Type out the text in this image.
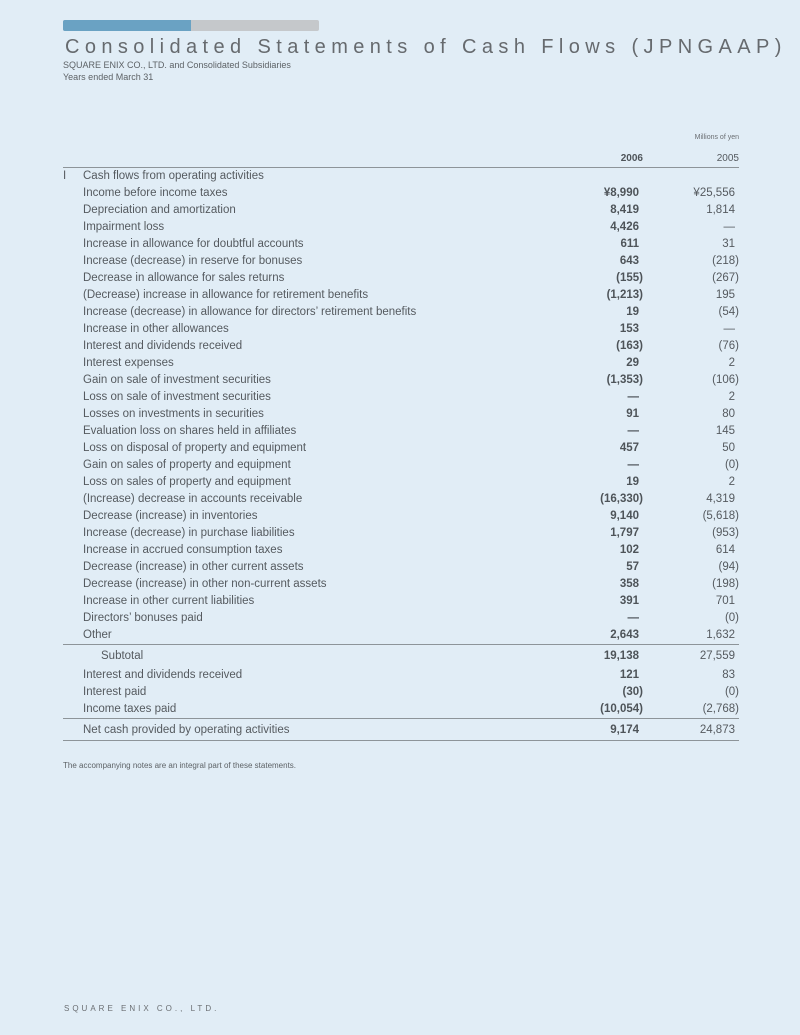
Consolidated Statements of Cash Flows (JPNGAAP)
SQUARE ENIX CO., LTD. and Consolidated Subsidiaries
Years ended March 31
Millions of yen
2006	2005
I Cash flows from operating activities
Income before income taxes	¥8,990	¥25,556
Depreciation and amortization	8,419	1,814
Impairment loss	4,426	—
Increase in allowance for doubtful accounts	611	31
Increase (decrease) in reserve for bonuses	643	(218)
Decrease in allowance for sales returns	(155)	(267)
(Decrease) increase in allowance for retirement benefits	(1,213)	195
Increase (decrease) in allowance for directors’ retirement benefits	19	(54)
Increase in other allowances	153	—
Interest and dividends received	(163)	(76)
Interest expenses	29	2
Gain on sale of investment securities	(1,353)	(106)
Loss on sale of investment securities	—	2
Losses on investments in securities	91	80
Evaluation loss on shares held in affiliates	—	145
Loss on disposal of property and equipment	457	50
Gain on sales of property and equipment	—	(0)
Loss on sales of property and equipment	19	2
(Increase) decrease in accounts receivable	(16,330)	4,319
Decrease (increase) in inventories	9,140	(5,618)
Increase (decrease) in purchase liabilities	1,797	(953)
Increase in accrued consumption taxes	102	614
Decrease (increase) in other current assets	57	(94)
Decrease (increase) in other non-current assets	358	(198)
Increase in other current liabilities	391	701
Directors’ bonuses paid	—	(0)
Other	2,643	1,632
Subtotal	19,138	27,559
Interest and dividends received	121	83
Interest paid	(30)	(0)
Income taxes paid	(10,054)	(2,768)
Net cash provided by operating activities	9,174	24,873
The accompanying notes are an integral part of these statements.
SQUARE ENIX CO., LTD.
